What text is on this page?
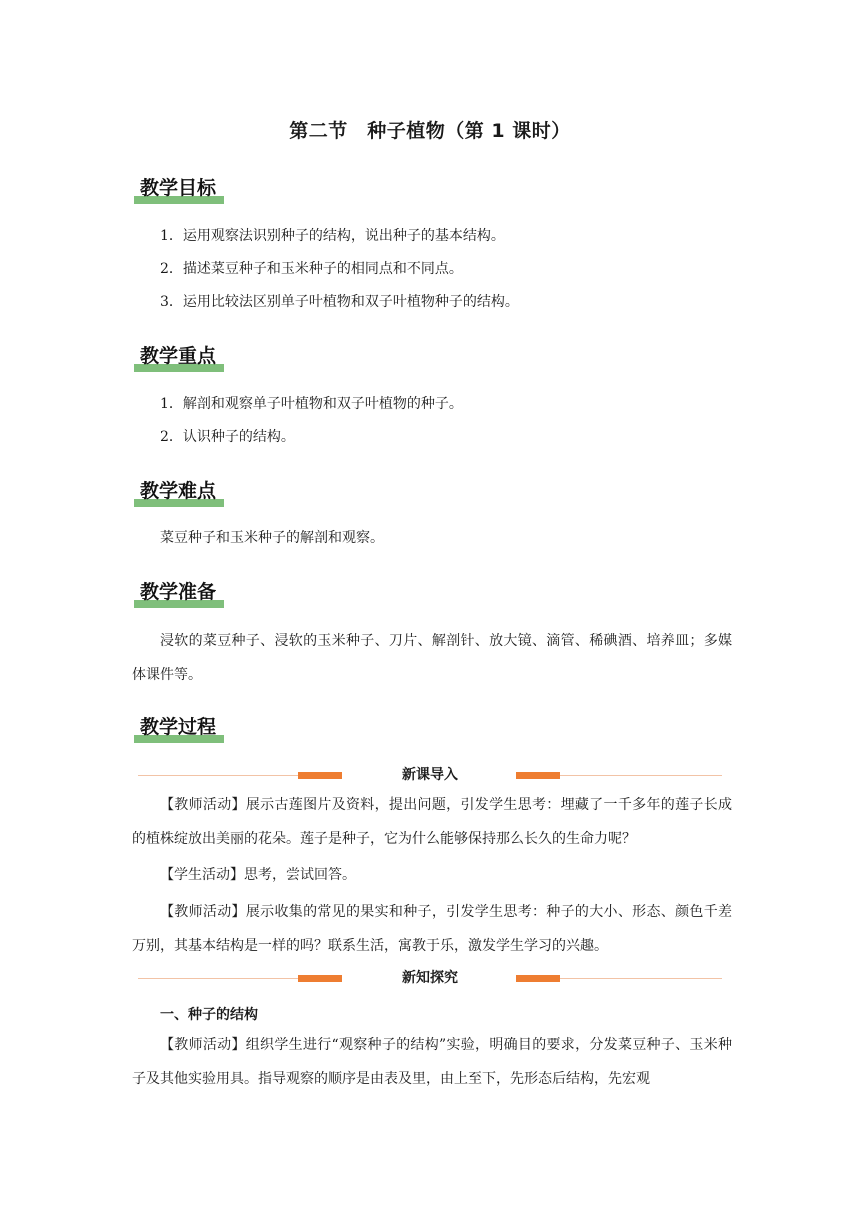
第二节　种子植物（第 1 课时）
教学目标
1．运用观察法识别种子的结构，说出种子的基本结构。
2．描述菜豆种子和玉米种子的相同点和不同点。
3．运用比较法区别单子叶植物和双子叶植物种子的结构。
教学重点
1．解剖和观察单子叶植物和双子叶植物的种子。
2．认识种子的结构。
教学难点
菜豆种子和玉米种子的解剖和观察。
教学准备
浸软的菜豆种子、浸软的玉米种子、刀片、解剖针、放大镜、滴管、稀碘酒、培养皿；多媒体课件等。
教学过程
新课导入
【教师活动】展示古莲图片及资料，提出问题，引发学生思考：埋藏了一千多年的莲子长成的植株绽放出美丽的花朵。莲子是种子，它为什么能够保持那么长久的生命力呢？
【学生活动】思考，尝试回答。
【教师活动】展示收集的常见的果实和种子，引发学生思考：种子的大小、形态、颜色千差万别，其基本结构是一样的吗？联系生活，寓教于乐，激发学生学习的兴趣。
新知探究
一、种子的结构
【教师活动】组织学生进行“观察种子的结构”实验，明确目的要求，分发菜豆种子、玉米种子及其他实验用具。指导观察的顺序是由表及里，由上至下，先形态后结构，先宏观
